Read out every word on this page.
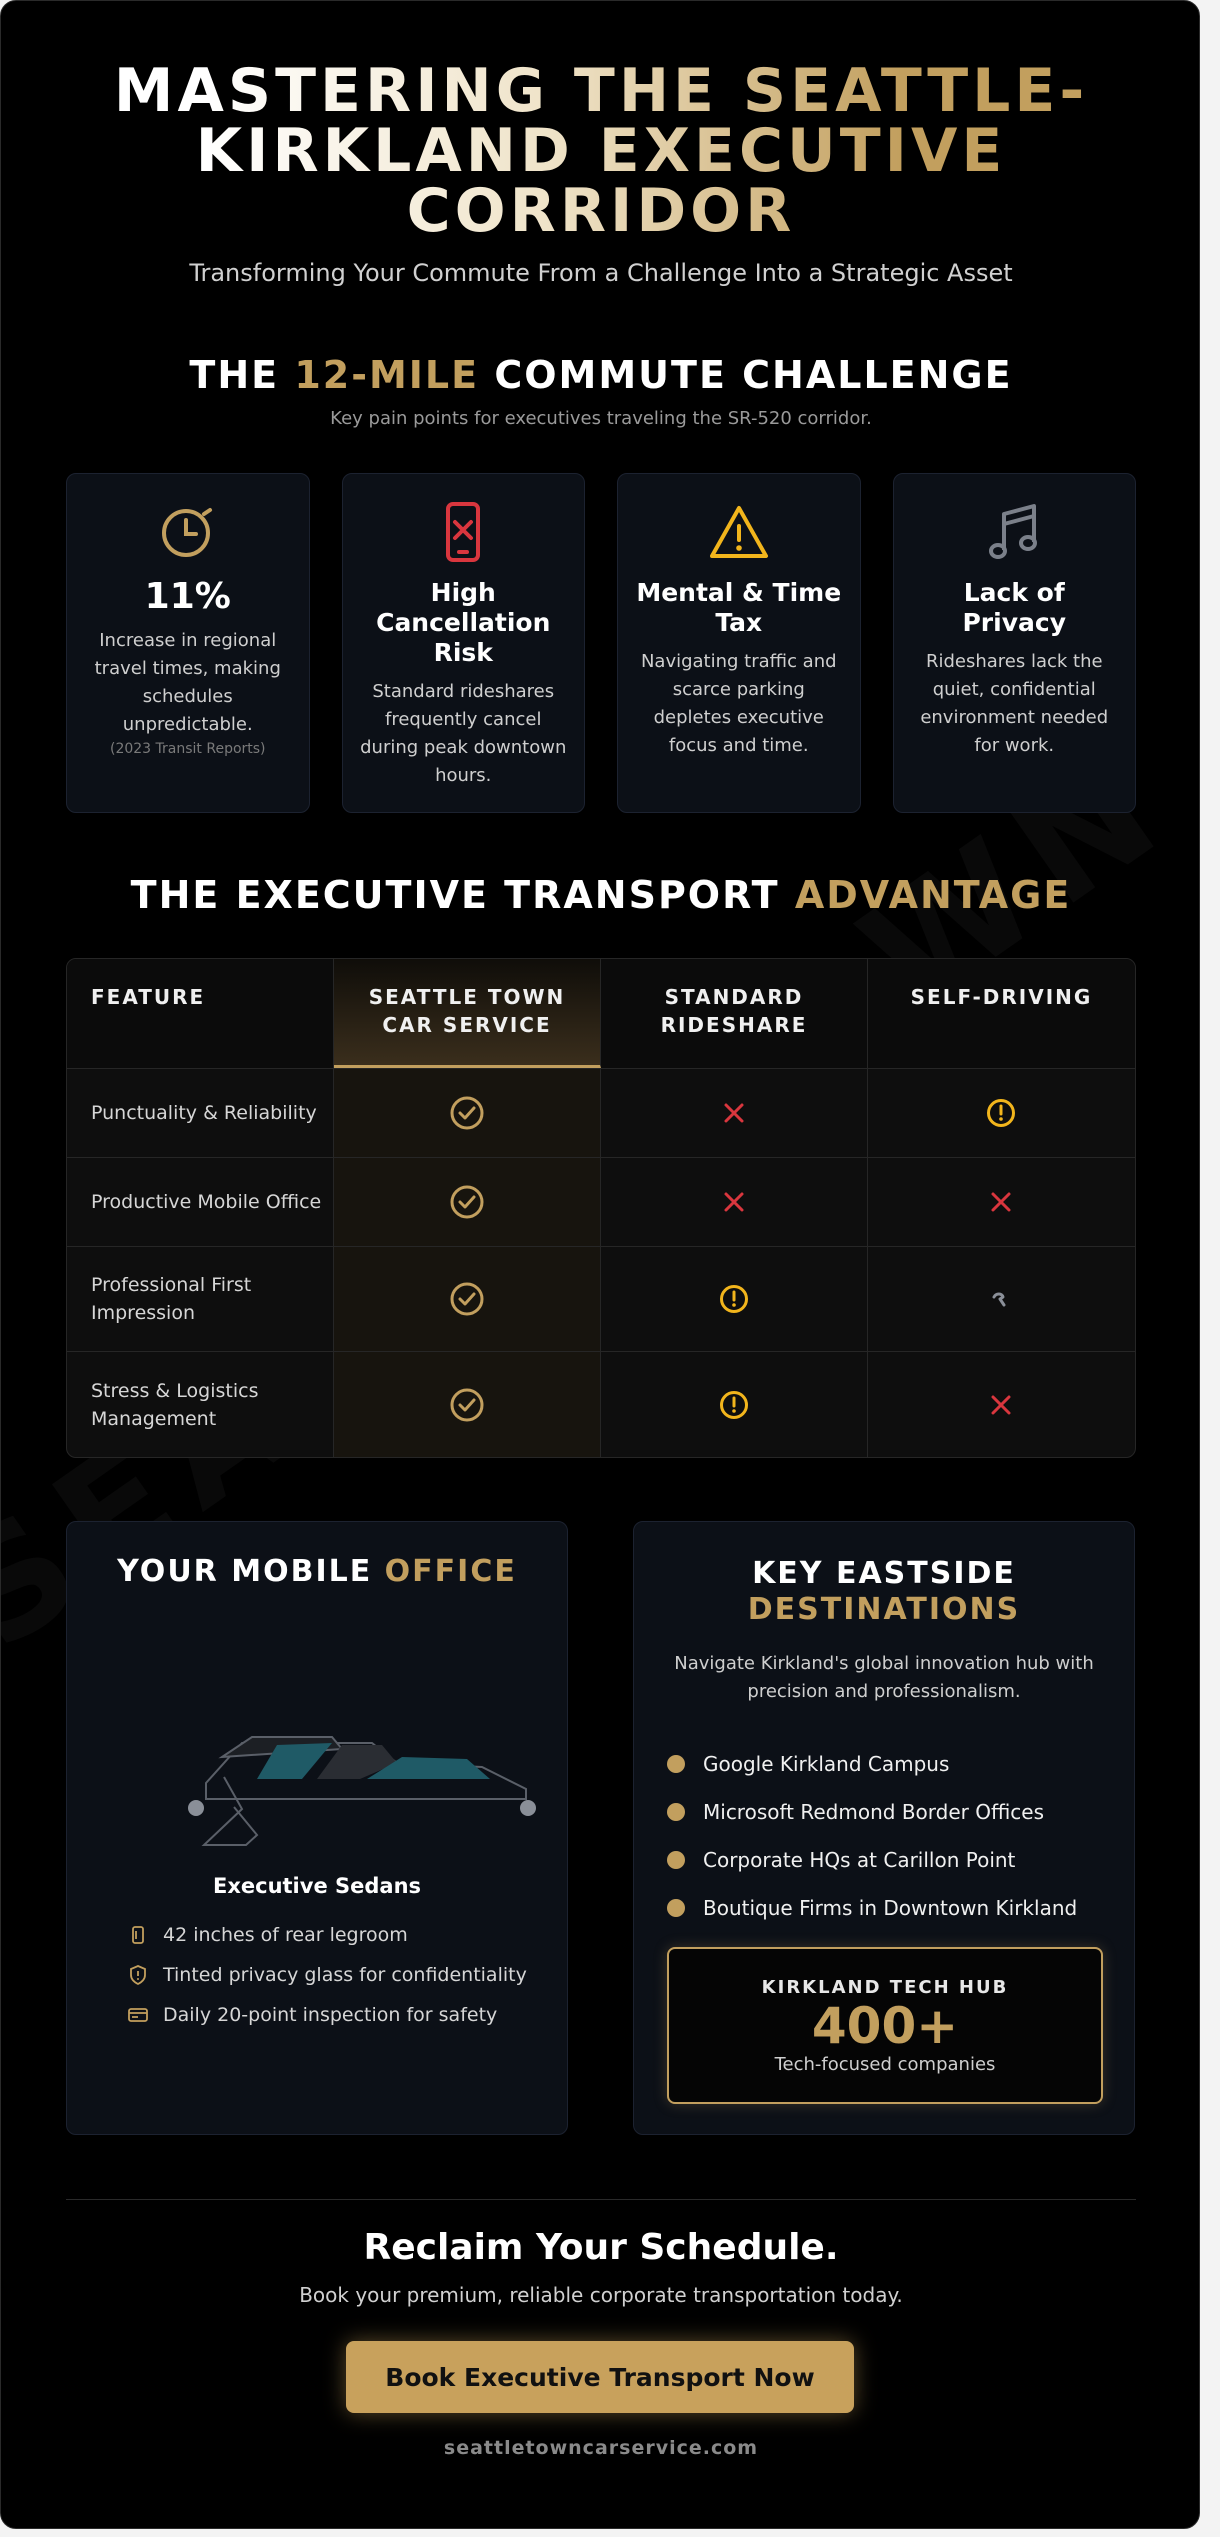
MASTERING THE SEATTLE-KIRKLAND EXECUTIVE CORRIDOR

Transforming Your Commute From a Challenge Into a Strategic Asset

THE 12-MILE COMMUTE CHALLENGE
Key pain points for executives traveling the SR-520 corridor.
11%
Increase in regional travel times, making schedules unpredictable.
(2023 Transit Reports)
High Cancellation Risk
Standard rideshares frequently cancel during peak downtown hours.
Mental & Time Tax
Navigating traffic and scarce parking depletes executive focus and time.
Lack of Privacy
Rideshares lack the quiet, confidential environment needed for work.
THE EXECUTIVE TRANSPORT ADVANTAGE
FEATURE	SEATTLE TOWN CAR SERVICE
STANDARD RIDESHARE
SELF-DRIVING
Punctuality & Reliability
Productive Mobile Office
Professional First Impression
Stress & Logistics Management
YOUR MOBILE OFFICE
Executive Sedans
42 inches of rear legroom
Tinted privacy glass for confidentiality
Daily 20-point inspection for safety
KEY EASTSIDE
DESTINATIONS
Navigate Kirkland's global innovation hub with precision and professionalism.
Google Kirkland Campus
Microsoft Redmond Border Offices
Corporate HQs at Carillon Point
Boutique Firms in Downtown Kirkland
KIRKLAND TECH HUB
400+
Tech-focused companies
Reclaim Your Schedule.
Book your premium, reliable corporate transportation today.
Book Executive Transport Now
seattletowncarservice.com
